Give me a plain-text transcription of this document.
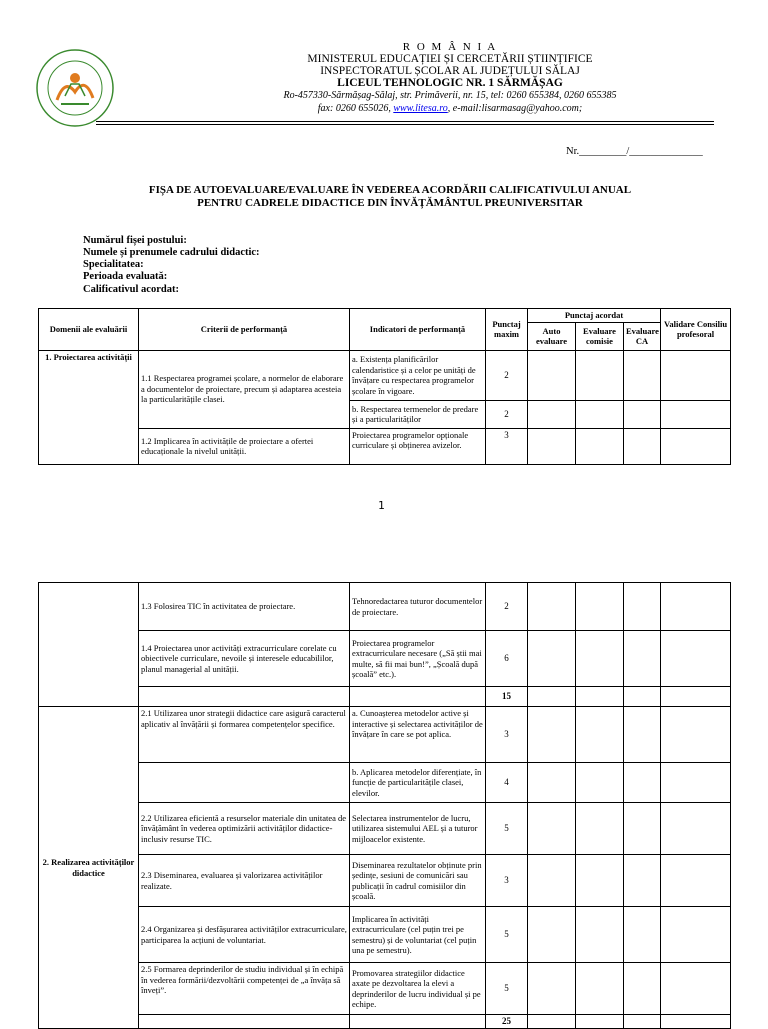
R O M Â N I A
MINISTERUL EDUCAȚIEI ȘI CERCETĂRII ȘTIINȚIFICE
INSPECTORATUL ȘCOLAR AL JUDEȚULUI SĂLAJ
LICEUL TEHNOLOGIC NR. 1 SĂRMĂȘAG
Ro-457330-Sărmășag-Sălaj, str. Primăverii, nr. 15, tel: 0260 655384, 0260 655385
fax: 0260 655026, www.litesa.ro, e-mail:lisarmasag@yahoo.com;
Nr._________/______________
FIȘA DE AUTOEVALUARE/EVALUARE ÎN VEDEREA ACORDĂRII CALIFICATIVULUI ANUAL
PENTRU CADRELE DIDACTICE DIN ÎNVĂȚĂMÂNTUL PREUNIVERSITAR
Numărul fișei postului:
Numele și prenumele cadrului didactic:
Specialitatea:
Perioada evaluată:
Calificativul acordat:
Domenii ale evaluării	Criterii de performanță	Indicatori de performanță	Punctaj maxim	Punctaj acordat			Validare Consiliu profesoral
				Auto evaluare	Evaluare comisie	Evaluare CA	
1. Proiectarea activității	1.1 Respectarea programei școlare, a normelor de elaborare a documentelor de proiectare, precum și adaptarea acesteia la particularitățile clasei.	a. Existența planificărilor calendaristice și a celor pe unități de învățare cu respectarea programelor școlare în vigoare.	2				
		b. Respectarea termenelor de predare și a particularităților	2				
	1.2 Implicarea în activitățile de proiectare a ofertei educaționale la nivelul unității.	Proiectarea programelor opționale curriculare și obținerea avizelor.	3				
1
	1.3 Folosirea TIC în activitatea de proiectare.	Tehnoredactarea tuturor documentelor de proiectare.	2				
	1.4 Proiectarea unor activități extracurriculare corelate cu obiectivele curriculare, nevoile și interesele educabililor, planul managerial al unității.	Proiectarea programelor extracurriculare necesare („Să știi mai multe, să fii mai bun!”, „Școală după școală” etc.).	6				
			15				
2. Realizarea activităților didactice	2.1 Utilizarea unor strategii didactice care asigură caracterul aplicativ al învățării și formarea competențelor specifice.	a. Cunoașterea metodelor active și interactive și selectarea activităților de învățare în care se pot aplica.	3				
		b. Aplicarea metodelor diferențiate, în funcție de particularitățile clasei, elevilor.	4				
	2.2 Utilizarea eficientă a resurselor materiale din unitatea de învățământ în vederea optimizării activităților didactice-inclusiv resurse TIC.	Selectarea instrumentelor de lucru, utilizarea sistemului AEL și a tuturor mijloacelor existente.	5				
	2.3 Diseminarea, evaluarea și valorizarea activităților realizate.	Diseminarea rezultatelor obținute prin ședințe, sesiuni de comunicări sau publicații în cadrul comisiilor din școală.	3				
	2.4 Organizarea și desfășurarea activităților extracurriculare, participarea la acțiuni de voluntariat.	Implicarea în activități extracurriculare (cel puțin trei pe semestru) și de voluntariat (cel puțin una pe semestru).	5				
	2.5 Formarea deprinderilor de studiu individual și în echipă în vederea formării/dezvoltării competenței de „a învăța să înveți”.	Promovarea strategiilor didactice axate pe dezvoltarea la elevi a deprinderilor de lucru individual și pe echipe.	5				
			25				
